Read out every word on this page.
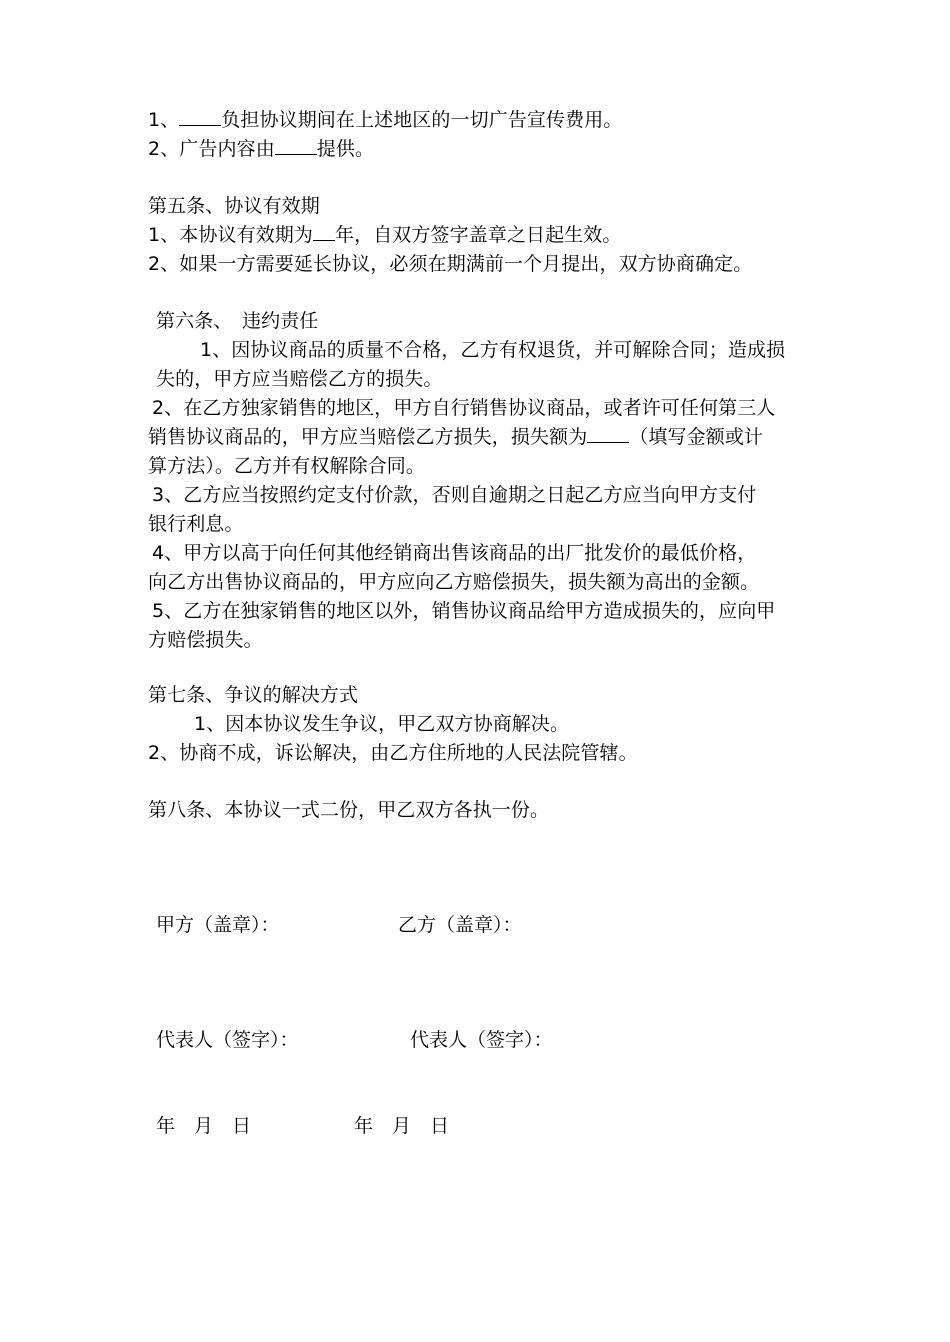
1、 负担协议期间在上述地区的一切广告宣传费用。
2、广告内容由 提供。
第五条、协议有效期
1、本协议有效期为 年，自双方签字盖章之日起生效。
2、如果一方需要延长协议，必须在期满前一个月提出，双方协商确定。
第六条、　违约责任
1、因协议商品的质量不合格，乙方有权退货，并可解除合同；造成损
失的，甲方应当赔偿乙方的损失。
2、在乙方独家销售的地区，甲方自行销售协议商品，或者许可任何第三人
销售协议商品的，甲方应当赔偿乙方损失，损失额为 （填写金额或计
算方法）。乙方并有权解除合同。
3、乙方应当按照约定支付价款，否则自逾期之日起乙方应当向甲方支付
银行利息。
4、甲方以高于向任何其他经销商出售该商品的出厂批发价的最低价格，
向乙方出售协议商品的，甲方应向乙方赔偿损失，损失额为高出的金额。
5、乙方在独家销售的地区以外，销售协议商品给甲方造成损失的，应向甲
方赔偿损失。
第七条、争议的解决方式
1、因本协议发生争议，甲乙双方协商解决。
2、协商不成，诉讼解决，由乙方住所地的人民法院管辖。
第八条、本协议一式二份，甲乙双方各执一份。
甲方（盖章）：	乙方（盖章）：
代表人（签字）：	代表人（签字）：
年　月　日	年　月　日
